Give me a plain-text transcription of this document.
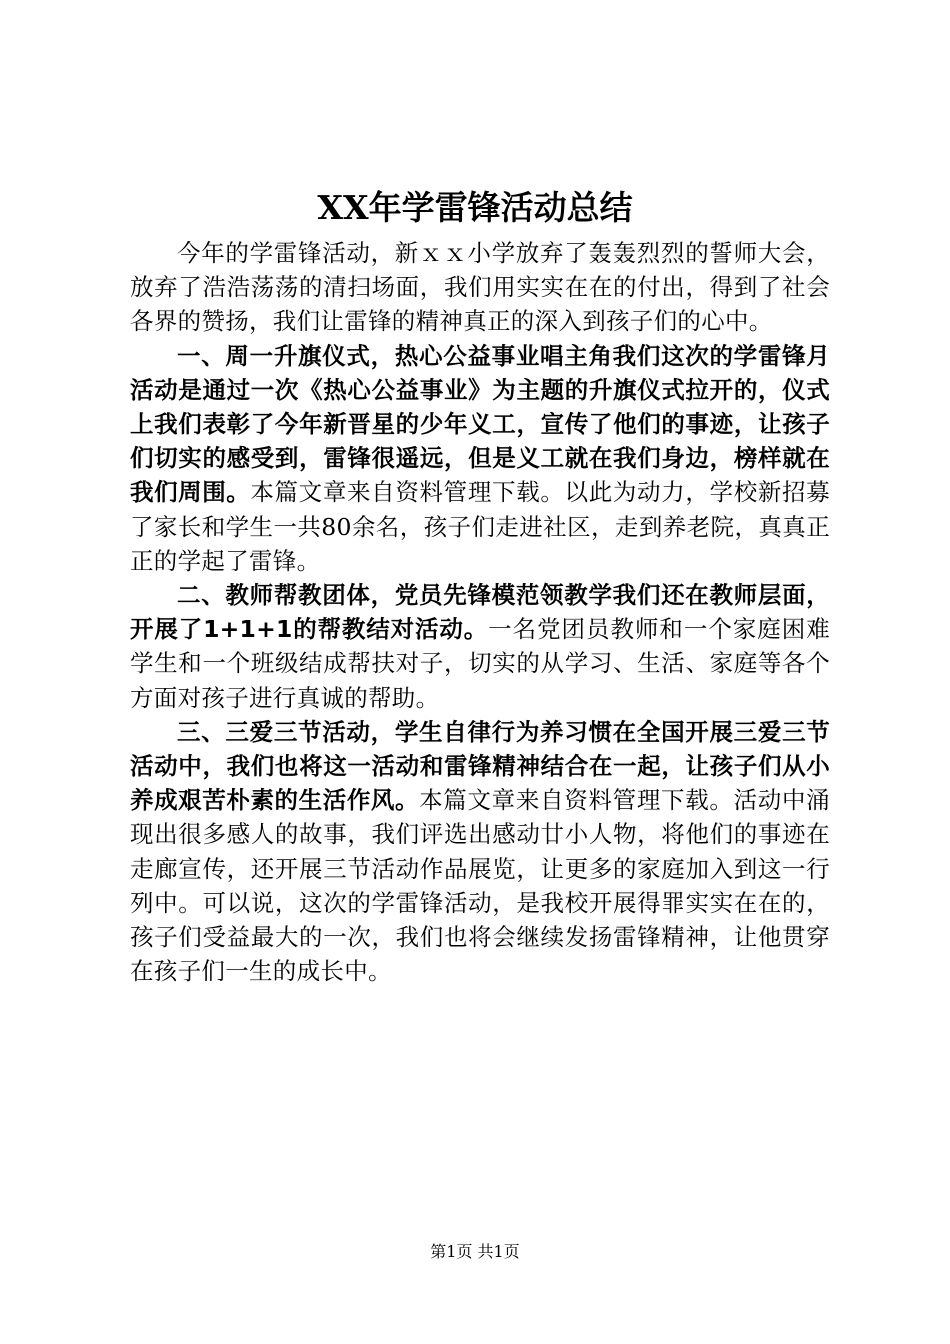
XX年学雷锋活动总结

今年的学雷锋活动，新ｘｘ小学放弃了轰轰烈烈的誓师大会，放弃了浩浩荡荡的清扫场面，我们用实实在在的付出，得到了社会各界的赞扬，我们让雷锋的精神真正的深入到孩子们的心中。

一、周一升旗仪式，热心公益事业唱主角我们这次的学雷锋月活动是通过一次《热心公益事业》为主题的升旗仪式拉开的，仪式上我们表彰了今年新晋星的少年义工，宣传了他们的事迹，让孩子们切实的感受到，雷锋很遥远，但是义工就在我们身边，榜样就在我们周围。本篇文章来自资料管理下载。以此为动力，学校新招募了家长和学生一共80余名，孩子们走进社区，走到养老院，真真正正的学起了雷锋。

二、教师帮教团体，党员先锋模范领教学我们还在教师层面，开展了1+1+1的帮教结对活动。一名党团员教师和一个家庭困难学生和一个班级结成帮扶对子，切实的从学习、生活、家庭等各个方面对孩子进行真诚的帮助。

三、三爱三节活动，学生自律行为养习惯在全国开展三爱三节活动中，我们也将这一活动和雷锋精神结合在一起，让孩子们从小养成艰苦朴素的生活作风。本篇文章来自资料管理下载。活动中涌现出很多感人的故事，我们评选出感动廿小人物，将他们的事迹在走廊宣传，还开展三节活动作品展览，让更多的家庭加入到这一行列中。可以说，这次的学雷锋活动，是我校开展得罪实实在在的，孩子们受益最大的一次，我们也将会继续发扬雷锋精神，让他贯穿在孩子们一生的成长中。

第1页 共1页
